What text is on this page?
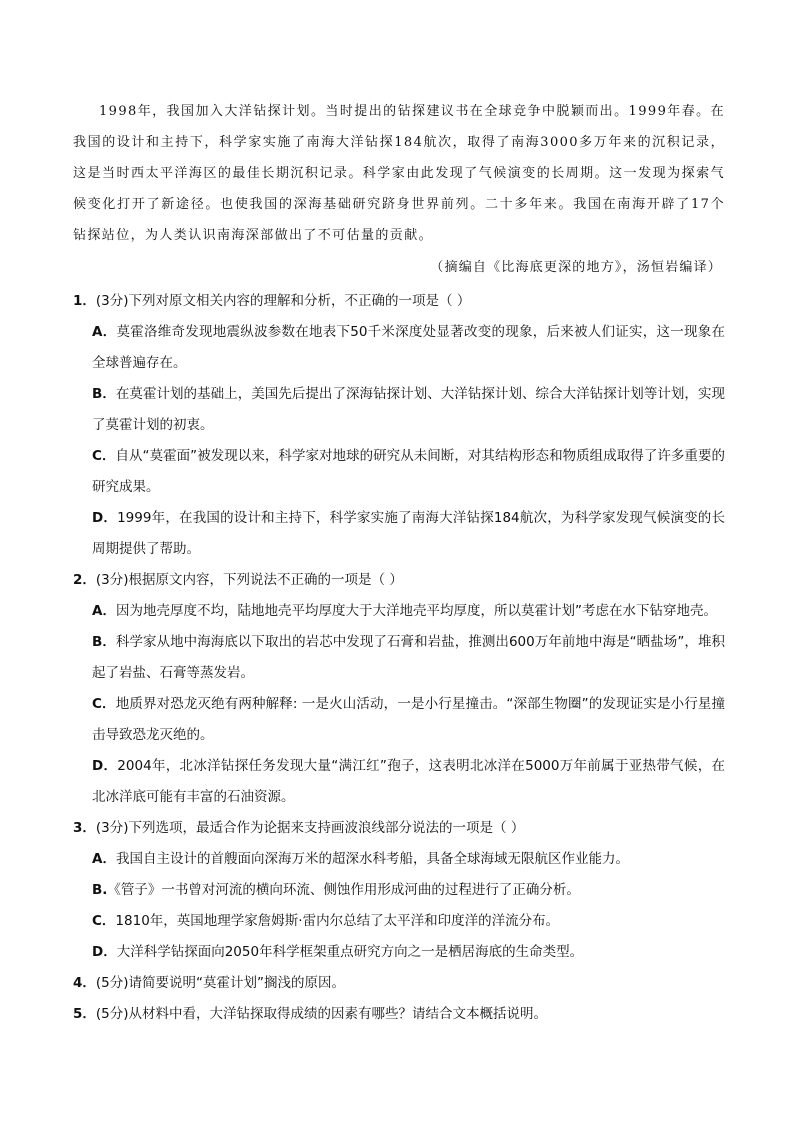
1998年，我国加入大洋钻探计划。当时提出的钻探建议书在全球竞争中脱颖而出。1999年春。在我国的设计和主持下，科学家实施了南海大洋钻探184航次，取得了南海3000多万年来的沉积记录，这是当时西太平洋海区的最佳长期沉积记录。科学家由此发现了气候演变的长周期。这一发现为探索气候变化打开了新途径。也使我国的深海基础研究跻身世界前列。二十多年来。我国在南海开辟了17个钻探站位，为人类认识南海深部做出了不可估量的贡献。

（摘编自《比海底更深的地方》，汤恒岩编译）

1．(3分)下列对原文相关内容的理解和分析，不正确的一项是（ ）

A．莫霍洛维奇发现地震纵波参数在地表下50千米深度处显著改变的现象，后来被人们证实，这一现象在全球普遍存在。
B．在莫霍计划的基础上，美国先后提出了深海钻探计划、大洋钻探计划、综合大洋钻探计划等计划，实现了莫霍计划的初衷。
C．自从“莫霍面”被发现以来，科学家对地球的研究从未间断，对其结构形态和物质组成取得了许多重要的研究成果。
D．1999年，在我国的设计和主持下，科学家实施了南海大洋钻探184航次，为科学家发现气候演变的长周期提供了帮助。

2．(3分)根据原文内容，下列说法不正确的一项是（ ）

A．因为地壳厚度不均，陆地地壳平均厚度大于大洋地壳平均厚度，所以莫霍计划”考虑在水下钻穿地壳。
B．科学家从地中海海底以下取出的岩芯中发现了石膏和岩盐，推测出600万年前地中海是“晒盐场”，堆积起了岩盐、石膏等蒸发岩。
C．地质界对恐龙灭绝有两种解释: 一是火山活动，一是小行星撞击。“深部生物圈”的发现证实是小行星撞击导致恐龙灭绝的。
D．2004年，北冰洋钻探任务发现大量“满江红”孢子，这表明北冰洋在5000万年前属于亚热带气候，在北冰洋底可能有丰富的石油资源。

3．(3分)下列选项，最适合作为论据来支持画波浪线部分说法的一项是（ ）

A．我国自主设计的首艘面向深海万米的超深水科考船，具备全球海域无限航区作业能力。
B.《管子》一书曾对河流的横向环流、侧蚀作用形成河曲的过程进行了正确分析。
C．1810年，英国地理学家詹姆斯·雷内尔总结了太平洋和印度洋的洋流分布。
D．大洋科学钻探面向2050年科学框架重点研究方向之一是栖居海底的生命类型。

4．(5分)请简要说明“莫霍计划”搁浅的原因。

5．(5分)从材料中看，大洋钻探取得成绩的因素有哪些？请结合文本概括说明。
